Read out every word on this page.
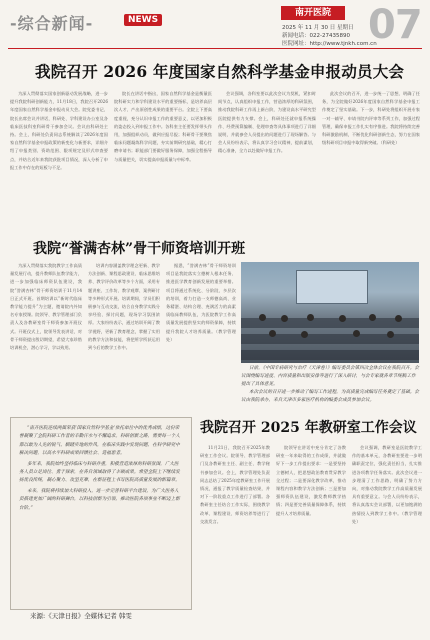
-综合新闻-	NEWS
南开医院
2025 年 11 月 30 日 星期日
新闻电话：022-27435890
医院网址：http://www.tjnkh.com.cn
07
我院召开 2026 年度国家自然科学基金申报动员大会

为深入贯彻落实国家创新驱动发展战略，进一步提升我院科研创新能力，11月18日，我院召开2026年度国家自然科学基金申报动员大会。院党委书记、院长出席会议并讲话，科研处、学科建设办公室及各临床医技科室科研骨干参加会议。会议由科研处主持。会上，科研处负责同志系统解读了2026年度国家自然科学基金申报政策的新变化与新要求，详细介绍了申报类别、资助范围、限项规定及形式审查要点，并结合近年来我院获批项目情况，深入分析了申报工作中存在的短板与不足。

院长在讲话中指出，国家自然科学基金是衡量医院科研实力和学科建设水平的重要指标，是培养高层次人才、产出原创性成果的重要平台。全院上下要高度重视，充分认识申报工作的重要意义，以更加积极的姿态投入到申报工作中。各科室主任要发挥带头作用，加强组织动员，做到应报尽报；科研骨干要聚焦临床问题凝练科学问题，夯实前期研究基础，精心打磨申请书；职能部门要做好服务保障，加强全程指导与质量把关，切实提高申报质量与中标率。

会议强调，各科室要以此次会议为契机，紧扣时间节点，认真组织申报工作，营造浓厚的科研氛围，推动我院科研工作再上新台阶，为建设高水平研究型医院提供有力支撑。会上，科研处还就申报系统操作、经费预算编制、伦理审查等具体事项进行了详细说明，并就参会人员提出的问题进行了现场解答。与会人员纷纷表示，将认真学习会议精神，提前谋划，精心准备，全力以赴做好申报工作。

此次会议的召开，进一步统一了思想、明确了任务，为全院做好2026年度国家自然科学基金申报工作奠定了坚实基础。下一步，科研处将组织开展专家一对一辅导、申请书院内评审等系列工作，加强过程管理，确保申报工作扎实有序推进。我院将持续完善科研激励机制，不断优化科研创新生态，努力在国家级科研项目申报中取得新突破。（科研处）

我院“誉满杏林”骨干师资培训开班

为深入贯彻落实我院教学工作高质量发展行动，提升教师队伍教学能力，进一步加强临床师资队伍建设，我院“誉满杏林”骨干师资培训于11月14日正式开班。首期培训以“新时代临床教学能力提升”为主题，邀请院内外知名专家授课。院领导、教学管理部门负责人及各教研室骨干师资参加开班仪式。开班仪式上，院领导发表讲话，对骨干师资提出殷切期望，希望大家珍惜培训机会，潜心学习，学以致用。

培训内容涵盖教学理念更新、教学方法创新、课程思政建设、临床思维培养、教学评价改革等多个方面，采用专题讲座、工作坊、教学观摩、案例研讨等多种形式开展。培训期间，学员们积极参与互动交流，结合自身教学实践分享经验、探讨问题，现场学习氛围浓厚。大家纷纷表示，通过培训开阔了教学视野，更新了教育理念，掌握了实用的教学方法和技能，将把所学所获运用到今后的教学工作中。

据悉，“誉满杏林”骨干师资培训项目是我院落实立德树人根本任务、推进医学教育创新发展的重要举措。项目将通过系统化、分阶段、多层次的培训，着力打造一支师德高尚、业务精湛、结构合理、充满活力的高素质临床教师队伍，为医院教学工作高质量发展提供坚实的师资保障，持续提升我院人才培养质量。（教学管理处）

日前，《中国专病研究与治疗（天津卷）》编写委员会第四次全体会议在我院召开。会议围绕编写进度、内容质量和出版安排等进行了深入研讨，与会专家就各章节统稿工作提出了具体意见。

本次会议的召开进一步推动了编写工作进程，为高质量完成编写任务奠定了基础。会议由我院承办，来自天津市多家医疗机构的编委会成员参加会议。

“南开医院连续两届荣获‘国家自然科学基金’依托单位中的优秀成绩，这份荣誉凝聚了全院科研工作者的辛勤汗水与不懈追求。科研创新之路，需要每一个人都以敢为人先的锐气、脚踏实地的作风，在临床实践中发现问题、在科学研究中解决问题，以高水平科研成果回馈社会、造福患者。

多年来，我院始终坚持临床与科研并重，积极营造浓厚的科研氛围，广大医务人员立足岗位、勇于探索，在各自领域取得了丰硕成果。希望全院上下继续发扬优良传统，凝心聚力、攻坚克难，在新征程上书写医院高质量发展的新篇章。

未来，我院将持续加大科研投入，进一步完善科研平台建设，为广大医务人员搭建更加广阔的科研舞台，以科技创新为引领，推动医院各项事业不断迈上新台阶。”

来源:《天津日报》全媒体记者 韩雯
我院召开 2025 年教研室工作会议

11月21日，我院召开2025年教研室工作会议。院领导、教学管理部门及各教研室主任、副主任、教学秘书参加会议。会上，教学管理处负责同志总结了2025年度教研室工作开展情况，通报了教学质量检查结果，并对下一阶段重点工作进行了部署。各教研室主任结合工作实际，围绕教学改革、课程建设、师资培养等进行了交流发言。

院领导在讲话中充分肯定了各教研室一年来取得的工作成绩，并就做好下一步工作提出要求：一是要坚持立德树人，把思想政治教育贯穿教学全过程；二是要深化教学改革，推动课程内容和教学方法创新；三是要加强师资队伍建设，激发教师教学热情；四是要完善质量保障体系，持续提升人才培养质量。

会议强调，教研室是医院教学工作的基本单元，各教研室要进一步明确职责定位，强化责任担当，扎实推进各项教学任务落实。此次会议进一步理清了工作思路，明确了努力方向，对推动我院教学工作高质量发展具有重要意义。与会人员纷纷表示，将认真落实会议部署，以更加饱满的热情投入到教学工作中。（教学管理处）
